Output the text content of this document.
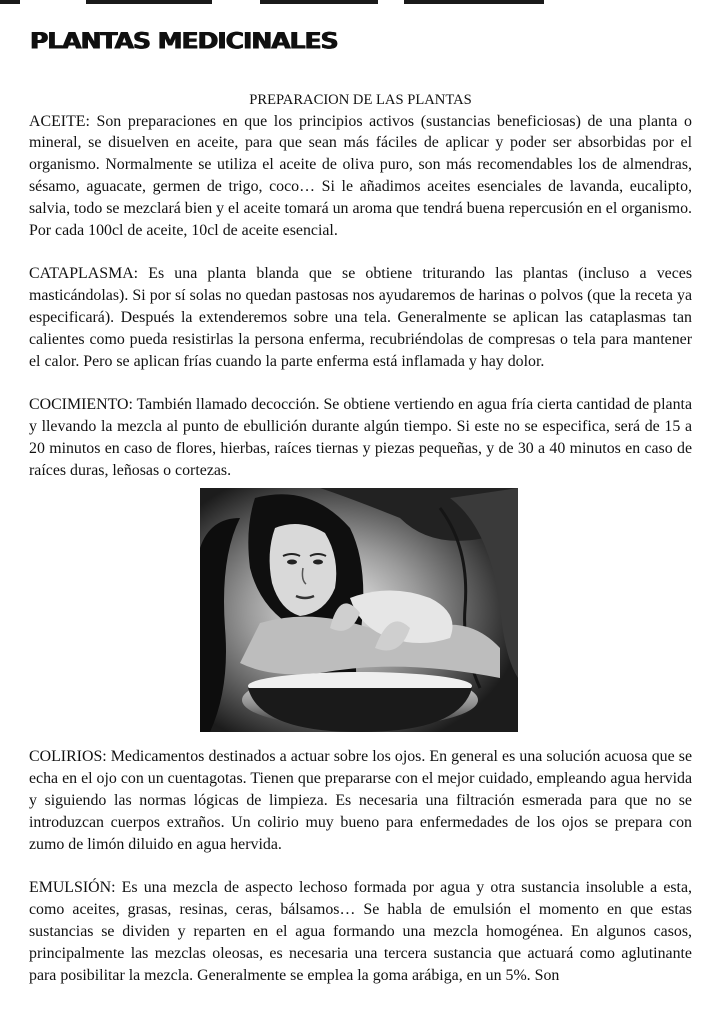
PLANTAS MEDICINALES

PREPARACION DE LAS PLANTAS

ACEITE: Son preparaciones en que los principios activos (sustancias beneficiosas) de una planta o mineral, se disuelven en aceite, para que sean más fáciles de aplicar y poder ser absorbidas por el organismo. Normalmente se utiliza el aceite de oliva puro, son más recomendables los de almendras, sésamo, aguacate, germen de trigo, coco… Si le añadimos aceites esenciales de lavanda, eucalipto, salvia, todo se mezclará bien y el aceite tomará un aroma que tendrá buena repercusión en el organismo. Por cada 100cl de aceite, 10cl de aceite esencial.

CATAPLASMA: Es una planta blanda que se obtiene triturando las plantas (incluso a veces masticándolas). Si por sí solas no quedan pastosas nos ayudaremos de harinas o polvos (que la receta ya especificará). Después la extenderemos sobre una tela. Generalmente se aplican las cataplasmas tan calientes como pueda resistirlas la persona enferma, recubriéndolas de compresas o tela para mantener el calor. Pero se aplican frías cuando la parte enferma está inflamada y hay dolor.

COCIMIENTO: También llamado decocción. Se obtiene vertiendo en agua fría cierta cantidad de planta y llevando la mezcla al punto de ebullición durante algún tiempo. Si este no se especifica, será de 15 a 20 minutos en caso de flores, hierbas, raíces tiernas y piezas pequeñas, y de 30 a 40 minutos en caso de raíces duras, leñosas o cortezas.

COLIRIOS: Medicamentos destinados a actuar sobre los ojos. En general es una solución acuosa que se echa en el ojo con un cuentagotas. Tienen que prepararse con el mejor cuidado, empleando agua hervida y siguiendo las normas lógicas de limpieza. Es necesaria una filtración esmerada para que no se introduzcan cuerpos extraños. Un colirio muy bueno para enfermedades de los ojos se prepara con zumo de limón diluido en agua hervida.

EMULSIÓN: Es una mezcla de aspecto lechoso formada por agua y otra sustancia insoluble a esta, como aceites, grasas, resinas, ceras, bálsamos… Se habla de emulsión el momento en que estas sustancias se dividen y reparten en el agua formando una mezcla homogénea. En algunos casos, principalmente las mezclas oleosas, es necesaria una tercera sustancia que actuará como aglutinante para posibilitar la mezcla. Generalmente se emplea la goma arábiga, en un 5%. Son
